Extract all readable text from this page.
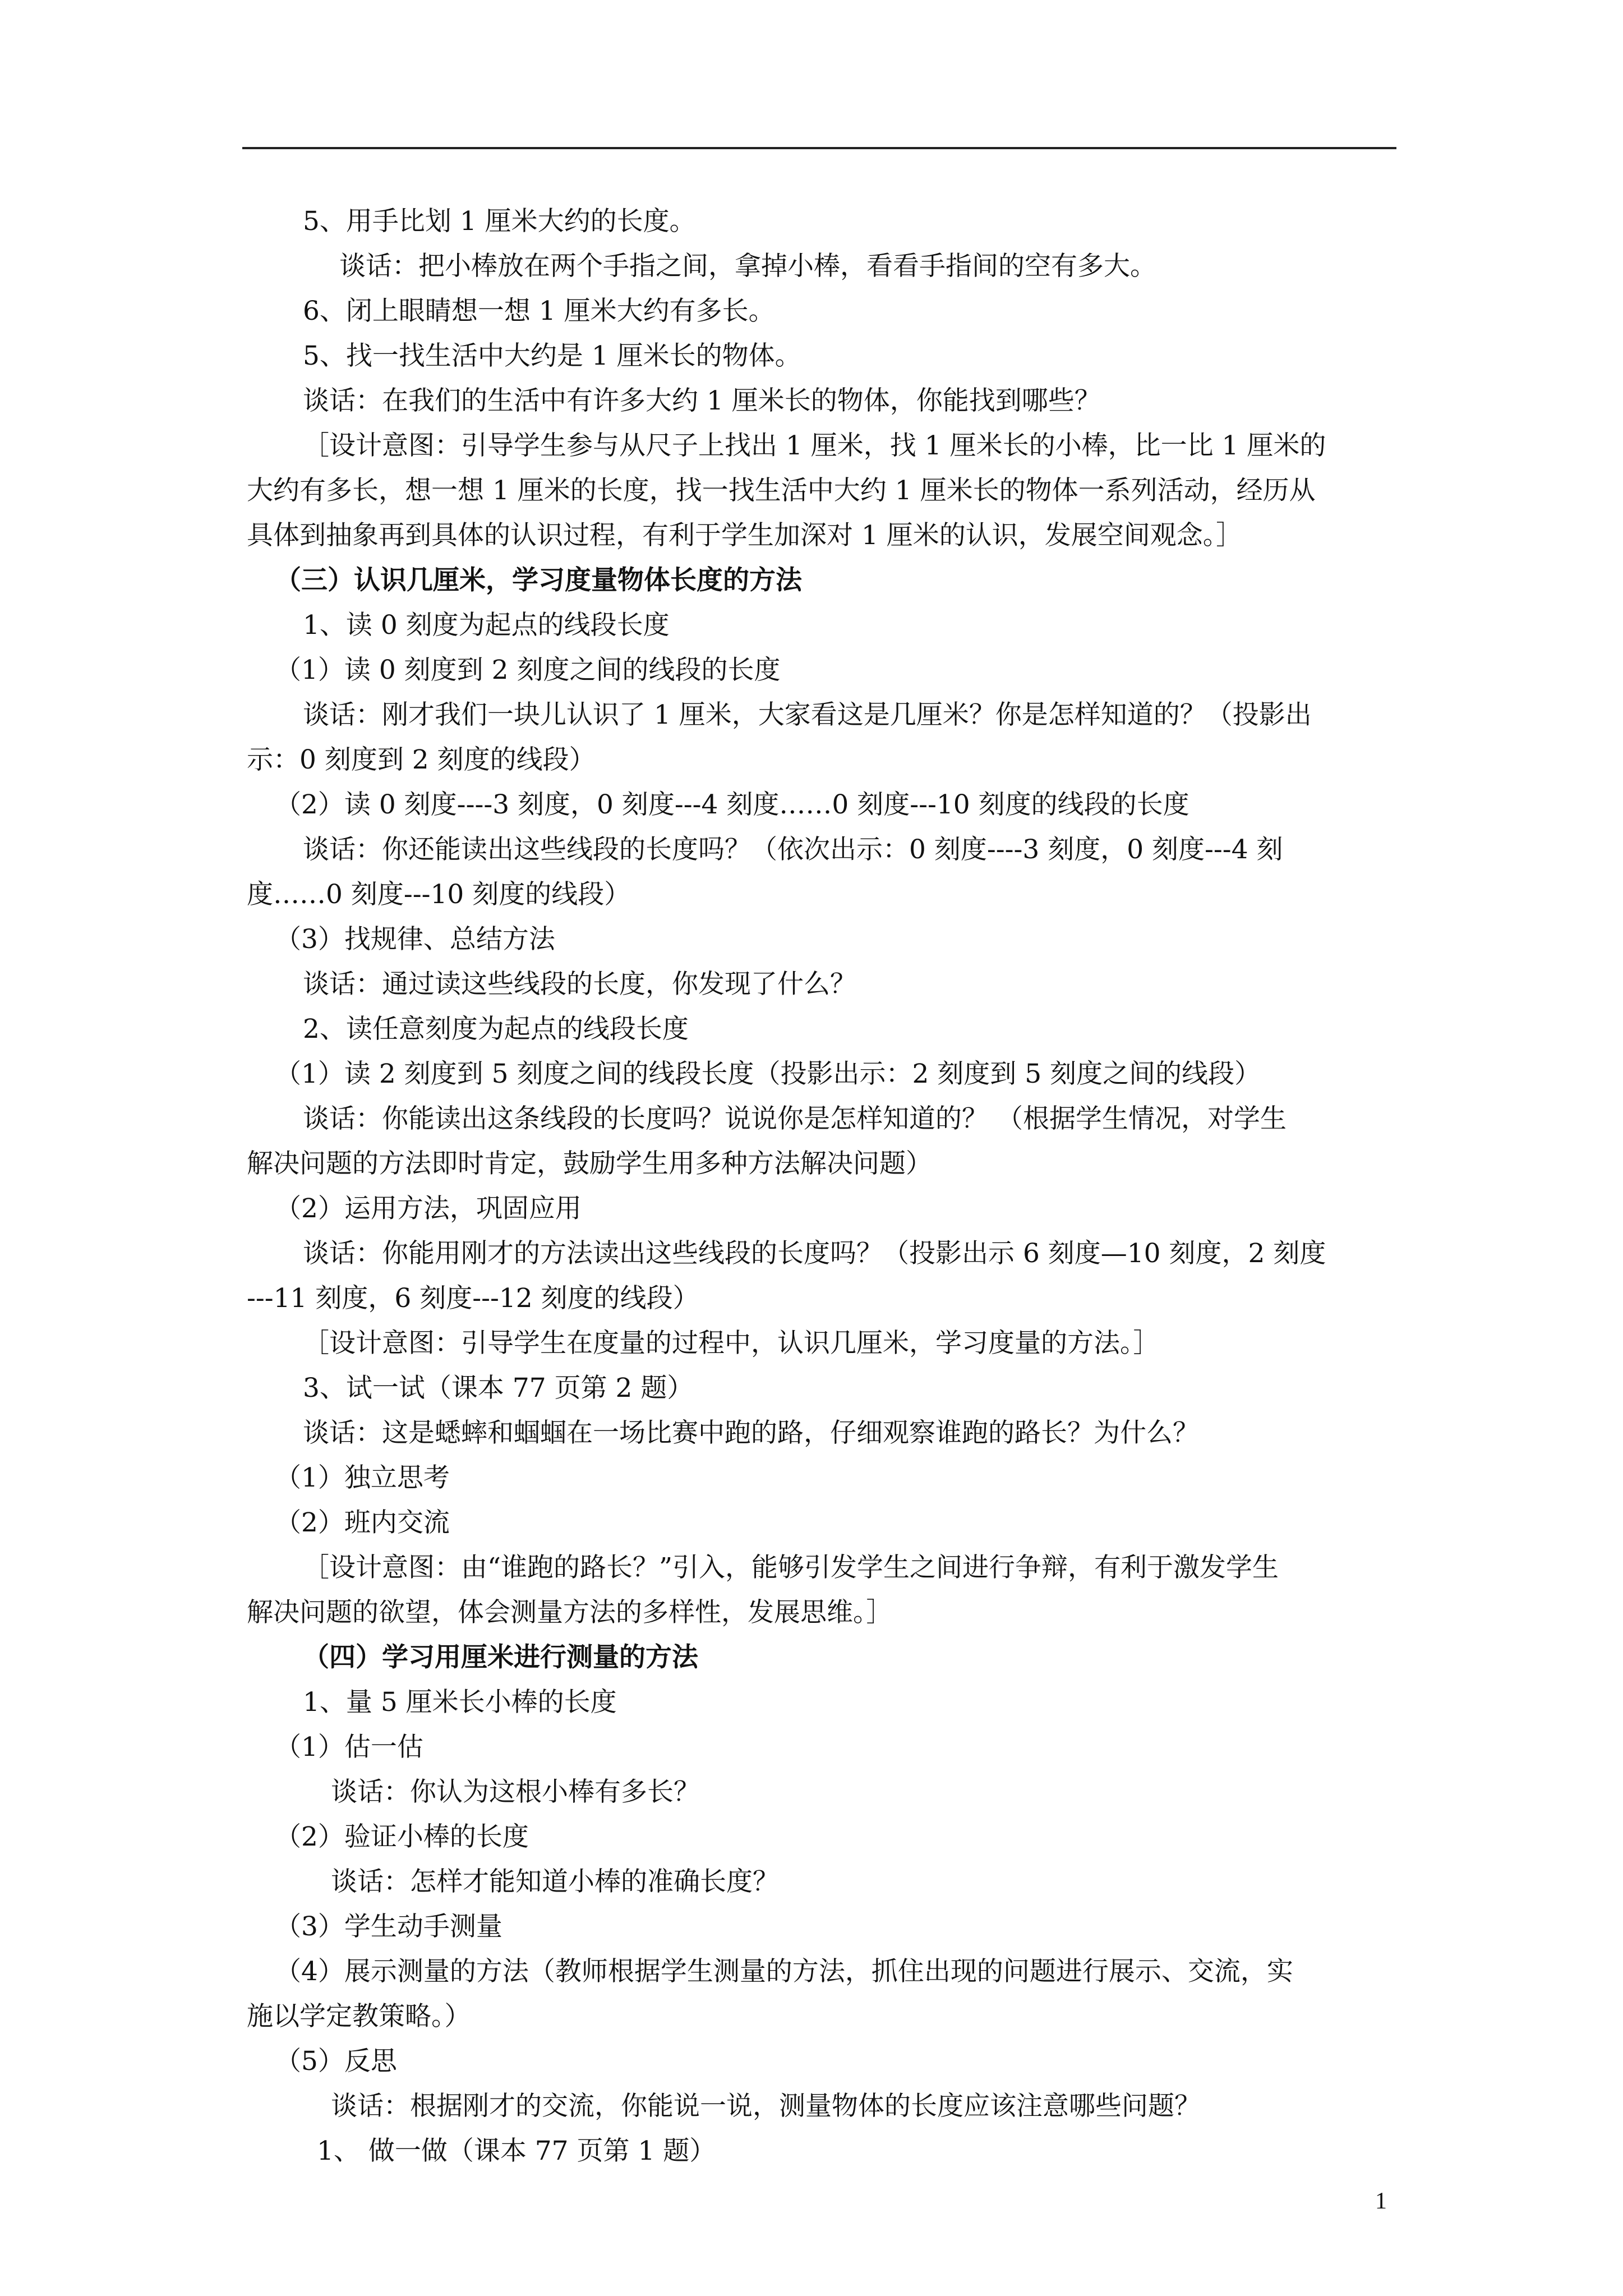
5、用手比划 1 厘米大约的长度。

谈话：把小棒放在两个手指之间，拿掉小棒，看看手指间的空有多大。

6、闭上眼睛想一想 1 厘米大约有多长。

5、找一找生活中大约是 1 厘米长的物体。

谈话：在我们的生活中有许多大约 1 厘米长的物体，你能找到哪些？

［设计意图：引导学生参与从尺子上找出 1 厘米，找 1 厘米长的小棒，比一比 1 厘米的

大约有多长，想一想 1 厘米的长度，找一找生活中大约 1 厘米长的物体一系列活动，经历从

具体到抽象再到具体的认识过程，有利于学生加深对 1 厘米的认识，发展空间观念。］

（三）认识几厘米，学习度量物体长度的方法

1、读 0 刻度为起点的线段长度

（1）读 0 刻度到 2 刻度之间的线段的长度

谈话：刚才我们一块儿认识了 1 厘米，大家看这是几厘米？你是怎样知道的？（投影出

示：0 刻度到 2 刻度的线段）

（2）读 0 刻度----3 刻度，0 刻度---4 刻度……0 刻度---10 刻度的线段的长度

谈话：你还能读出这些线段的长度吗？（依次出示：0 刻度----3 刻度，0 刻度---4 刻

度……0 刻度---10 刻度的线段）

（3）找规律、总结方法

谈话：通过读这些线段的长度，你发现了什么？

2、读任意刻度为起点的线段长度

（1）读 2 刻度到 5 刻度之间的线段长度（投影出示：2 刻度到 5 刻度之间的线段）

谈话：你能读出这条线段的长度吗？说说你是怎样知道的？ （根据学生情况，对学生

解决问题的方法即时肯定，鼓励学生用多种方法解决问题）

（2）运用方法，巩固应用

谈话：你能用刚才的方法读出这些线段的长度吗？（投影出示 6 刻度—10 刻度，2 刻度

---11 刻度，6 刻度---12 刻度的线段）

［设计意图：引导学生在度量的过程中，认识几厘米，学习度量的方法。］

3、试一试（课本 77 页第 2 题）

谈话：这是蟋蟀和蝈蝈在一场比赛中跑的路，仔细观察谁跑的路长？为什么？

（1）独立思考

（2）班内交流

［设计意图：由“谁跑的路长？”引入，能够引发学生之间进行争辩，有利于激发学生

解决问题的欲望，体会测量方法的多样性，发展思维。］

（四）学习用厘米进行测量的方法

1、量 5 厘米长小棒的长度

（1）估一估

谈话：你认为这根小棒有多长？

（2）验证小棒的长度

谈话：怎样才能知道小棒的准确长度？

（3）学生动手测量

（4）展示测量的方法（教师根据学生测量的方法，抓住出现的问题进行展示、交流，实

施以学定教策略。）

（5）反思

谈话：根据刚才的交流，你能说一说，测量物体的长度应该注意哪些问题？

1、 做一做（课本 77 页第 1 题）

1
